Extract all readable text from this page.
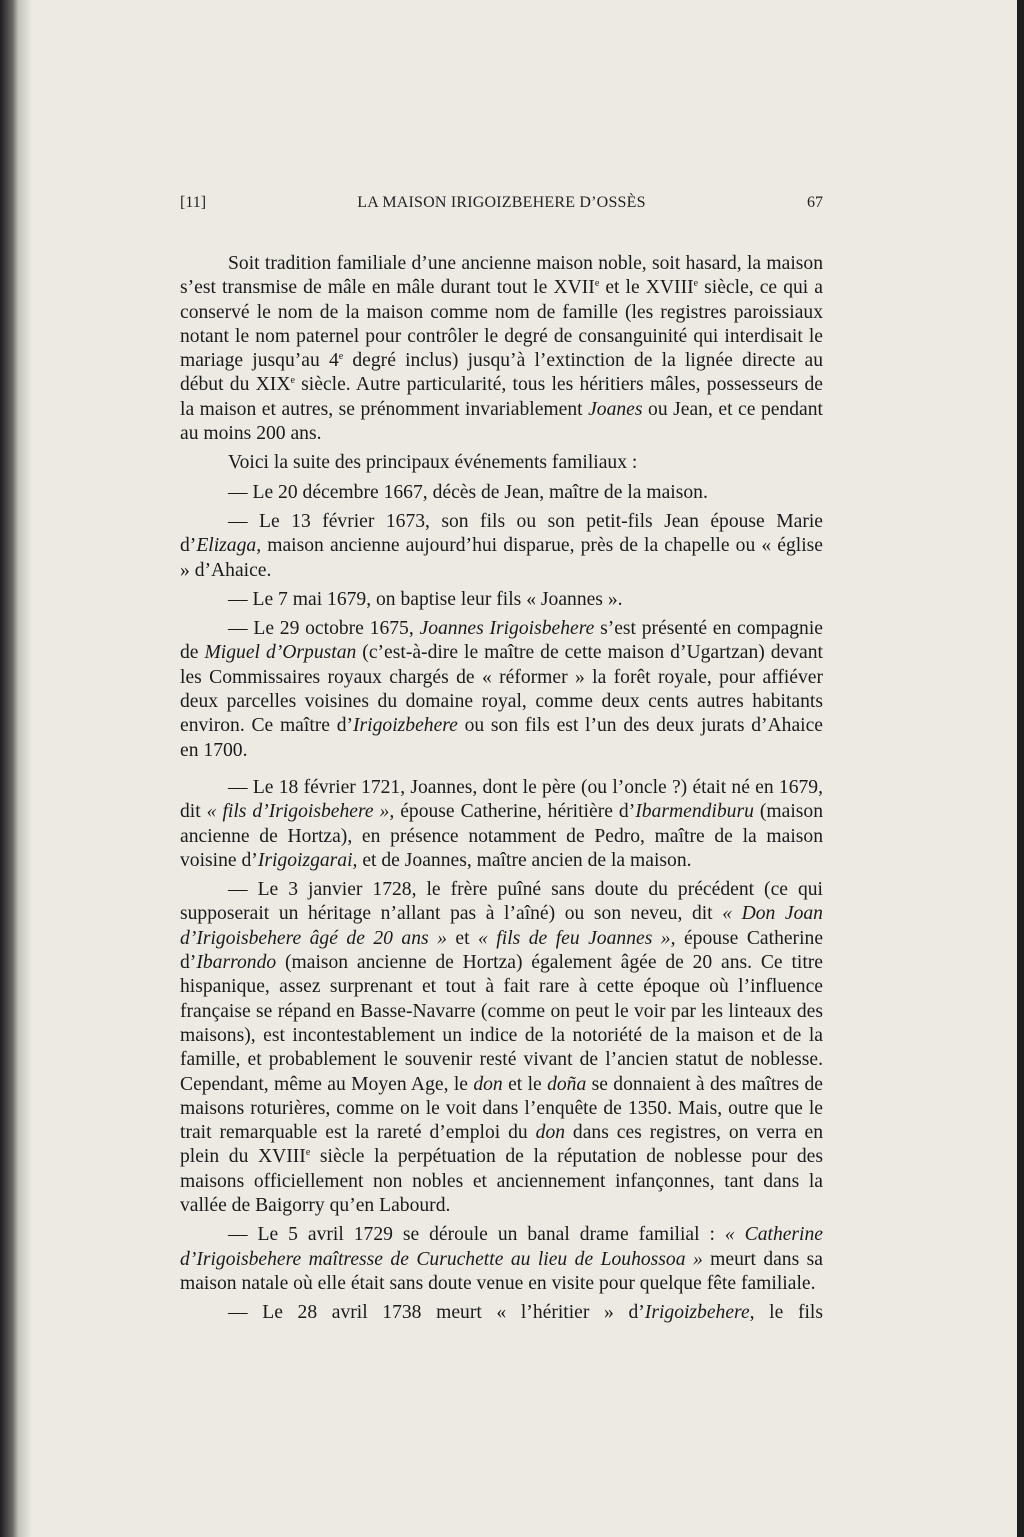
LA MAISON IRIGOIZBEHERE D’OSSÈS
[11]	67

Soit tradition familiale d’une ancienne maison noble, soit hasard, la maison s’est transmise de mâle en mâle durant tout le XVIIe et le XVIIIe siècle, ce qui a conservé le nom de la maison comme nom de famille (les registres paroissiaux notant le nom paternel pour contrôler le degré de consanguinité qui interdisait le mariage jusqu’au 4e degré inclus) jusqu’à l’extinction de la lignée directe au début du XIXe siècle. Autre particularité, tous les héritiers mâles, possesseurs de la maison et autres, se prénomment invariablement Joanes ou Jean, et ce pendant au moins 200 ans.

Voici la suite des principaux événements familiaux :

— Le 20 décembre 1667, décès de Jean, maître de la maison.

— Le 13 février 1673, son fils ou son petit-fils Jean épouse Marie d’Elizaga, maison ancienne aujourd’hui disparue, près de la chapelle ou « église » d’Ahaice.

— Le 7 mai 1679, on baptise leur fils « Joannes ».

— Le 29 octobre 1675, Joannes Irigoisbehere s’est présenté en compagnie de Miguel d’Orpustan (c’est-à-dire le maître de cette maison d’Ugartzan) devant les Commissaires royaux chargés de « réformer » la forêt royale, pour affiéver deux parcelles voisines du domaine royal, comme deux cents autres habitants environ. Ce maître d’Irigoizbehere ou son fils est l’un des deux jurats d’Ahaice en 1700.

— Le 18 février 1721, Joannes, dont le père (ou l’oncle ?) était né en 1679, dit « fils d’Irigoisbehere », épouse Catherine, héritière d’Ibarmendiburu (maison ancienne de Hortza), en présence notamment de Pedro, maître de la maison voisine d’Irigoizgarai, et de Joannes, maître ancien de la maison.

— Le 3 janvier 1728, le frère puîné sans doute du précédent (ce qui supposerait un héritage n’allant pas à l’aîné) ou son neveu, dit « Don Joan d’Irigoisbehere âgé de 20 ans » et « fils de feu Joannes », épouse Catherine d’Ibarrondo (maison ancienne de Hortza) également âgée de 20 ans. Ce titre hispanique, assez surprenant et tout à fait rare à cette époque où l’influence française se répand en Basse-Navarre (comme on peut le voir par les linteaux des maisons), est incontestablement un indice de la notoriété de la maison et de la famille, et probablement le souvenir resté vivant de l’ancien statut de noblesse. Cependant, même au Moyen Age, le don et le doña se donnaient à des maîtres de maisons roturières, comme on le voit dans l’enquête de 1350. Mais, outre que le trait remarquable est la rareté d’emploi du don dans ces registres, on verra en plein du XVIIIe siècle la perpétuation de la réputation de noblesse pour des maisons officiellement non nobles et anciennement infançonnes, tant dans la vallée de Baigorry qu’en Labourd.

— Le 5 avril 1729 se déroule un banal drame familial : « Catherine d’Irigoisbehere maîtresse de Curuchette au lieu de Louhossoa » meurt dans sa maison natale où elle était sans doute venue en visite pour quelque fête familiale.

— Le 28 avril 1738 meurt « l’héritier » d’Irigoizbehere, le fils
